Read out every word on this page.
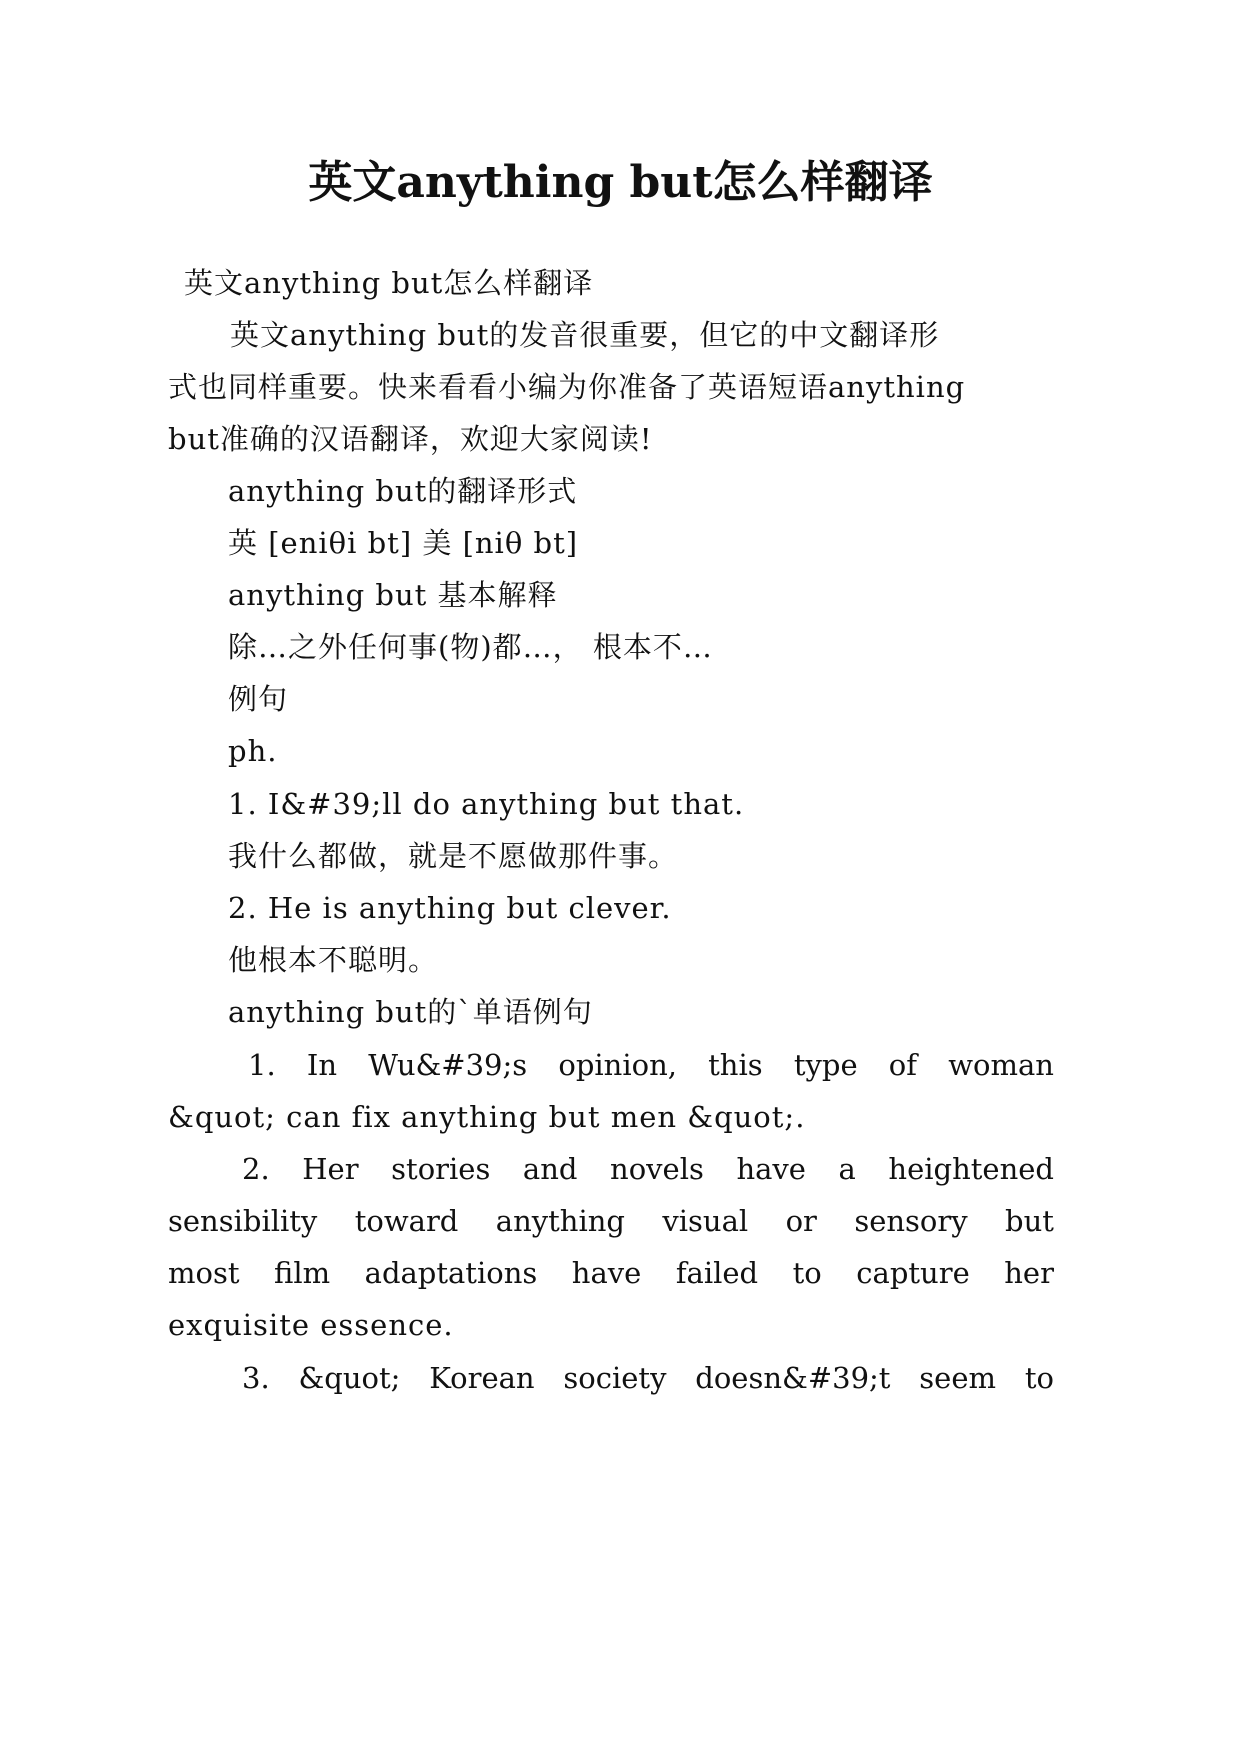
英文anything but怎么样翻译

英文anything but怎么样翻译

英文anything but的发音很重要，但它的中文翻译形

式也同样重要。快来看看小编为你准备了英语短语anything

but准确的汉语翻译，欢迎大家阅读!

anything but的翻译形式

英 [eniθi bt] 美 [niθ bt]

anything but 基本解释

除…之外任何事(物)都…， 根本不…

例句

ph.

1. I&#39;ll do anything but that.

我什么都做，就是不愿做那件事。

2. He is anything but clever.

他根本不聪明。

anything but的`单语例句

1. In Wu&#39;s opinion, this type of woman

&quot; can fix anything but men &quot;.

2. Her stories and novels have a heightened
sensibility toward anything visual or sensory but
most film adaptations have failed to capture her

exquisite essence.

3. &quot; Korean society doesn&#39;t seem to
